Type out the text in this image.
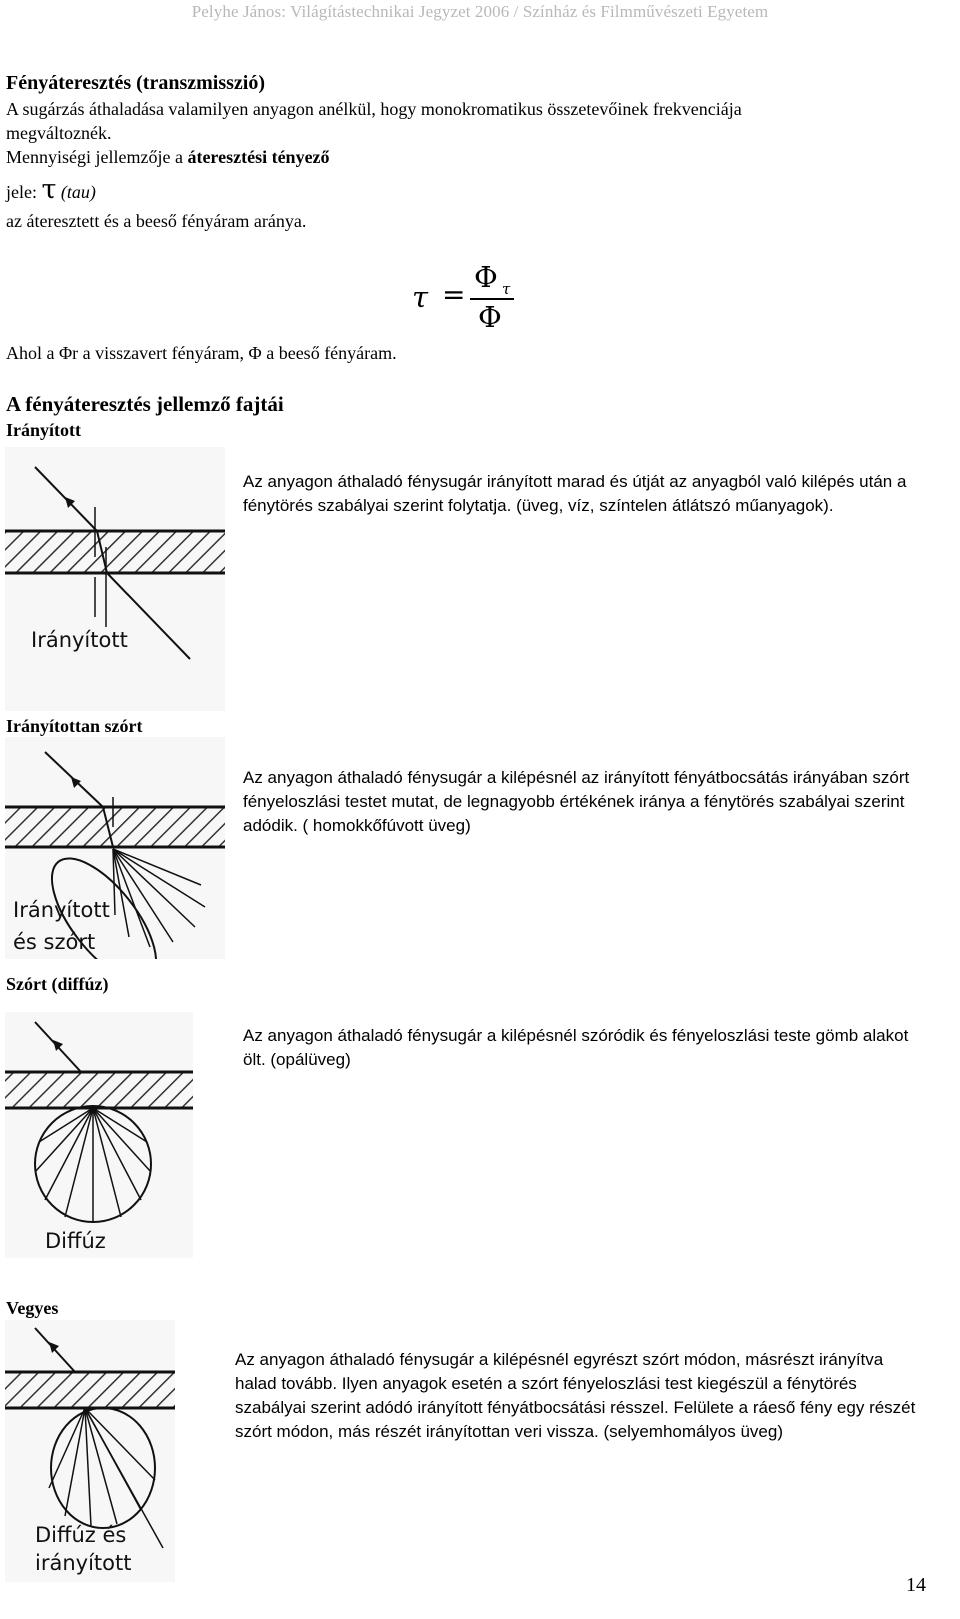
Pelyhe János: Világítástechnikai Jegyzet 2006 / Színház és Filmművészeti Egyetem
Fényáteresztés (transzmisszió)
A sugárzás áthaladása valamilyen anyagon anélkül, hogy monokromatikus összetevőinek frekvenciája
megváltoznék.
Mennyiségi jellemzője a áteresztési tényező
jele: τ (tau)
az áteresztett és a beeső fényáram aránya.
Ahol a Φr a visszavert fényáram, Φ a beeső fényáram.
τ =
Φ τ
Φ
A fényáteresztés jellemző fajtái
Irányított
Irányított
Az anyagon áthaladó fénysugár irányított marad és útját az anyagból való kilépés után a fénytörés szabályai szerint folytatja. (üveg, víz, színtelen átlátszó műanyagok).
Irányítottan szórt
Irányított
és szórt
Az anyagon áthaladó fénysugár a kilépésnél az irányított fényátbocsátás irányában szórt fényeloszlási testet mutat, de legnagyobb értékének iránya a fénytörés szabályai szerint adódik. ( homokkőfúvott üveg)
Szórt (diffúz)
Diffúz
Az anyagon áthaladó fénysugár a kilépésnél szóródik és fényeloszlási teste gömb alakot ölt. (opálüveg)
Vegyes
Diffúz és
irányított
Az anyagon áthaladó fénysugár a kilépésnél egyrészt szórt módon, másrészt irányítva halad tovább. Ilyen anyagok esetén a szórt fényeloszlási test kiegészül a fénytörés szabályai szerint adódó irányított fényátbocsátási résszel. Felülete a ráeső fény egy részét szórt módon, más részét irányítottan veri vissza. (selyemhomályos üveg)
14
